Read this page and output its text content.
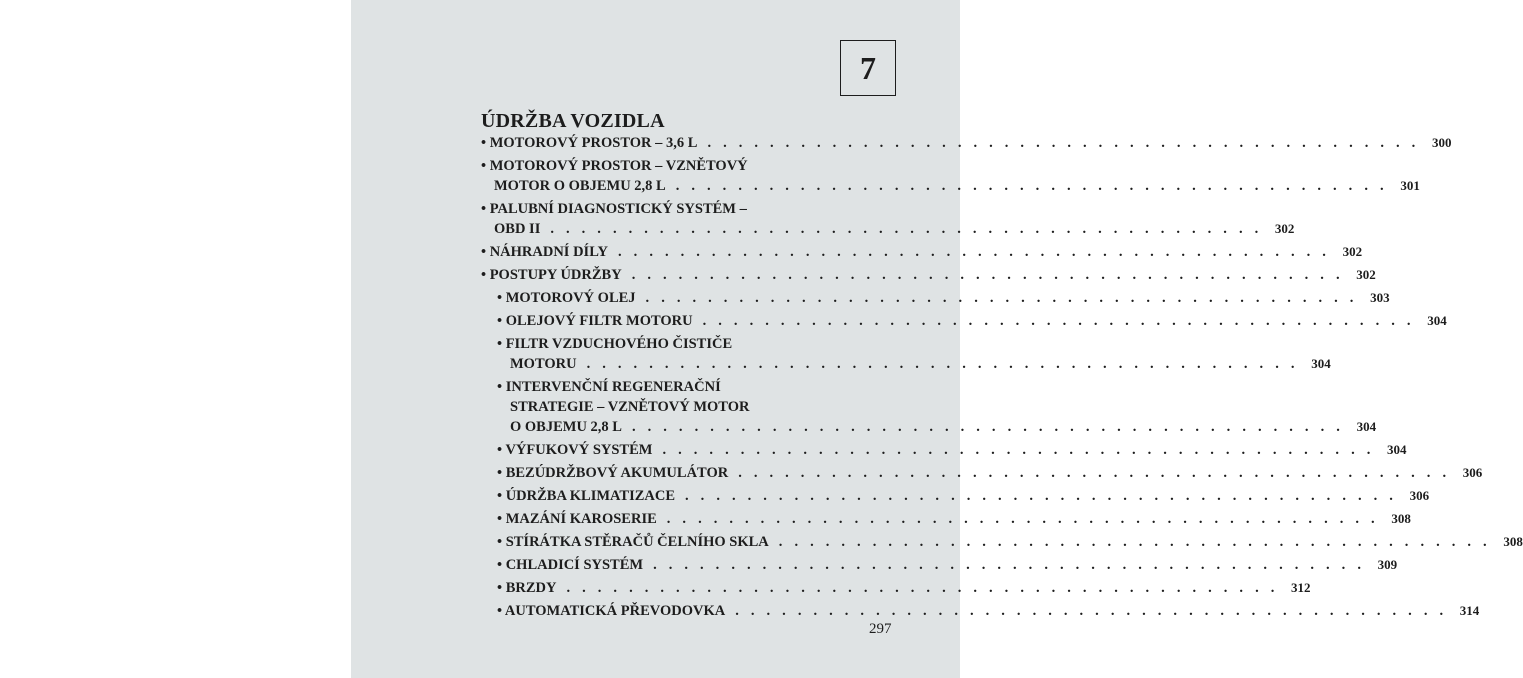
7
ÚDRŽBA VOZIDLA
• MOTOROVÝ PROSTOR – 3,6 L . . . . . . . . . . . . . . . . . . . . . . . . . . . . . . . . . . . . . . . . . . . . . . 300
• MOTOROVÝ PROSTOR – VZNĚTOVÝ
MOTOR O OBJEMU 2,8 L . . . . . . . . . . . . . . . . . . . . . . . . . . . . . . . . . . . . . . . . . . . . . . 301
• PALUBNÍ DIAGNOSTICKÝ SYSTÉM –
OBD II . . . . . . . . . . . . . . . . . . . . . . . . . . . . . . . . . . . . . . . . . . . . . . 302
• NÁHRADNÍ DÍLY . . . . . . . . . . . . . . . . . . . . . . . . . . . . . . . . . . . . . . . . . . . . . . 302
• POSTUPY ÚDRŽBY . . . . . . . . . . . . . . . . . . . . . . . . . . . . . . . . . . . . . . . . . . . . . . 302
• MOTOROVÝ OLEJ . . . . . . . . . . . . . . . . . . . . . . . . . . . . . . . . . . . . . . . . . . . . . . 303
• OLEJOVÝ FILTR MOTORU . . . . . . . . . . . . . . . . . . . . . . . . . . . . . . . . . . . . . . . . . . . . . . 304
• FILTR VZDUCHOVÉHO ČISTIČE
MOTORU . . . . . . . . . . . . . . . . . . . . . . . . . . . . . . . . . . . . . . . . . . . . . . 304
• INTERVENČNÍ REGENERAČNÍ
STRATEGIE – VZNĚTOVÝ MOTOR
O OBJEMU 2,8 L . . . . . . . . . . . . . . . . . . . . . . . . . . . . . . . . . . . . . . . . . . . . . . 304
• VÝFUKOVÝ SYSTÉM . . . . . . . . . . . . . . . . . . . . . . . . . . . . . . . . . . . . . . . . . . . . . . 304
• BEZÚDRŽBOVÝ AKUMULÁTOR . . . . . . . . . . . . . . . . . . . . . . . . . . . . . . . . . . . . . . . . . . . . . . 306
• ÚDRŽBA KLIMATIZACE . . . . . . . . . . . . . . . . . . . . . . . . . . . . . . . . . . . . . . . . . . . . . . 306
• MAZÁNÍ KAROSERIE . . . . . . . . . . . . . . . . . . . . . . . . . . . . . . . . . . . . . . . . . . . . . . 308
• STÍRÁTKA STĚRAČŮ ČELNÍHO SKLA . . . . . . . . . . . . . . . . . . . . . . . . . . . . . . . . . . . . . . . . . . . . . . 308
• CHLADICÍ SYSTÉM . . . . . . . . . . . . . . . . . . . . . . . . . . . . . . . . . . . . . . . . . . . . . . 309
• BRZDY . . . . . . . . . . . . . . . . . . . . . . . . . . . . . . . . . . . . . . . . . . . . . . 312
• AUTOMATICKÁ PŘEVODOVKA . . . . . . . . . . . . . . . . . . . . . . . . . . . . . . . . . . . . . . . . . . . . . . 314
297
